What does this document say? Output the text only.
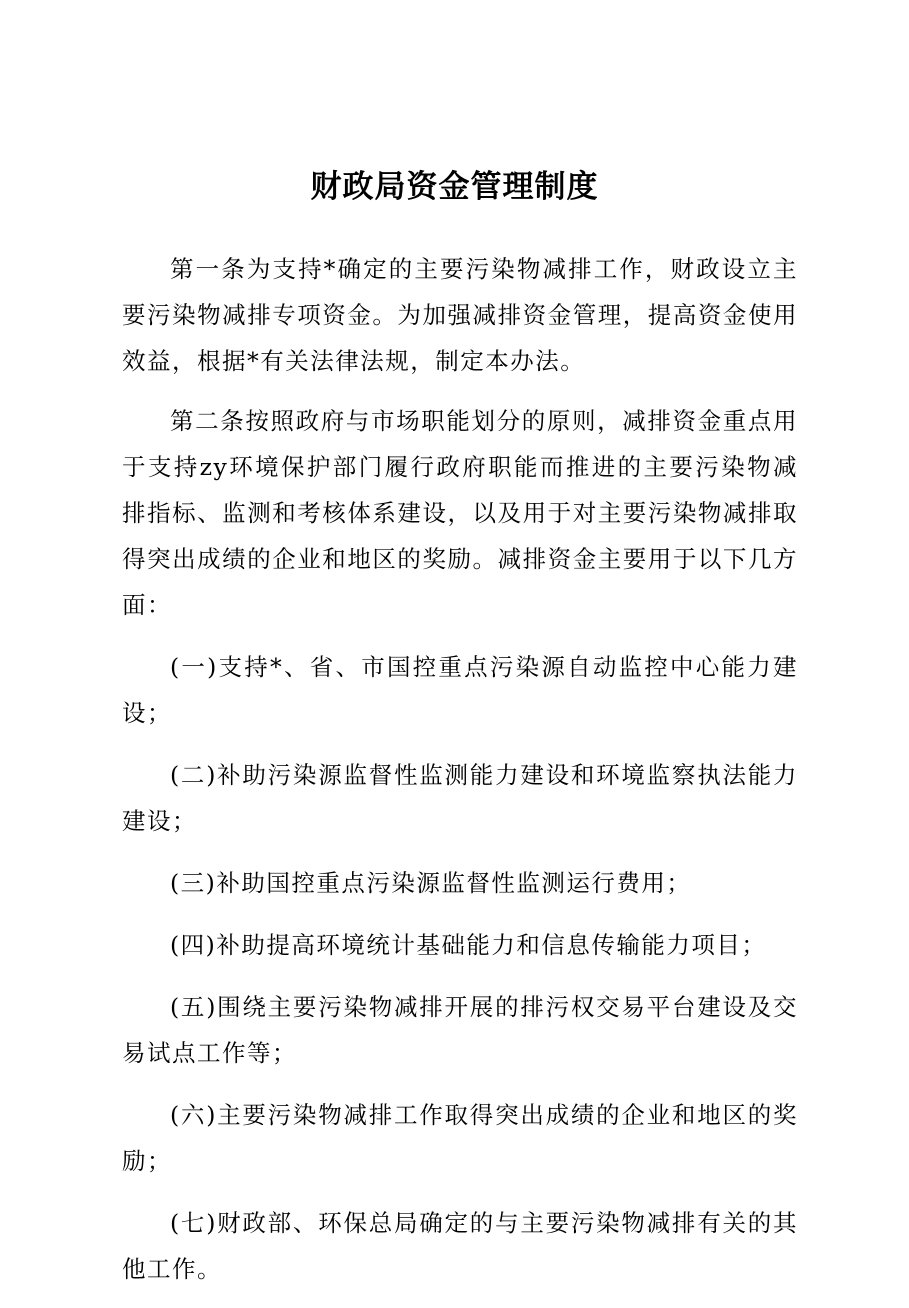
财政局资金管理制度

第一条为支持*确定的主要污染物减排工作，财政设立主要污染物减排专项资金。为加强减排资金管理，提高资金使用效益，根据*有关法律法规，制定本办法。

第二条按照政府与市场职能划分的原则，减排资金重点用于支持zy环境保护部门履行政府职能而推进的主要污染物减排指标、监测和考核体系建设，以及用于对主要污染物减排取得突出成绩的企业和地区的奖励。减排资金主要用于以下几方面：

(一)支持*、省、市国控重点污染源自动监控中心能力建设；

(二)补助污染源监督性监测能力建设和环境监察执法能力建设；

(三)补助国控重点污染源监督性监测运行费用；

(四)补助提高环境统计基础能力和信息传输能力项目；

(五)围绕主要污染物减排开展的排污权交易平台建设及交易试点工作等；

(六)主要污染物减排工作取得突出成绩的企业和地区的奖励；

(七)财政部、环保总局确定的与主要污染物减排有关的其他工作。
